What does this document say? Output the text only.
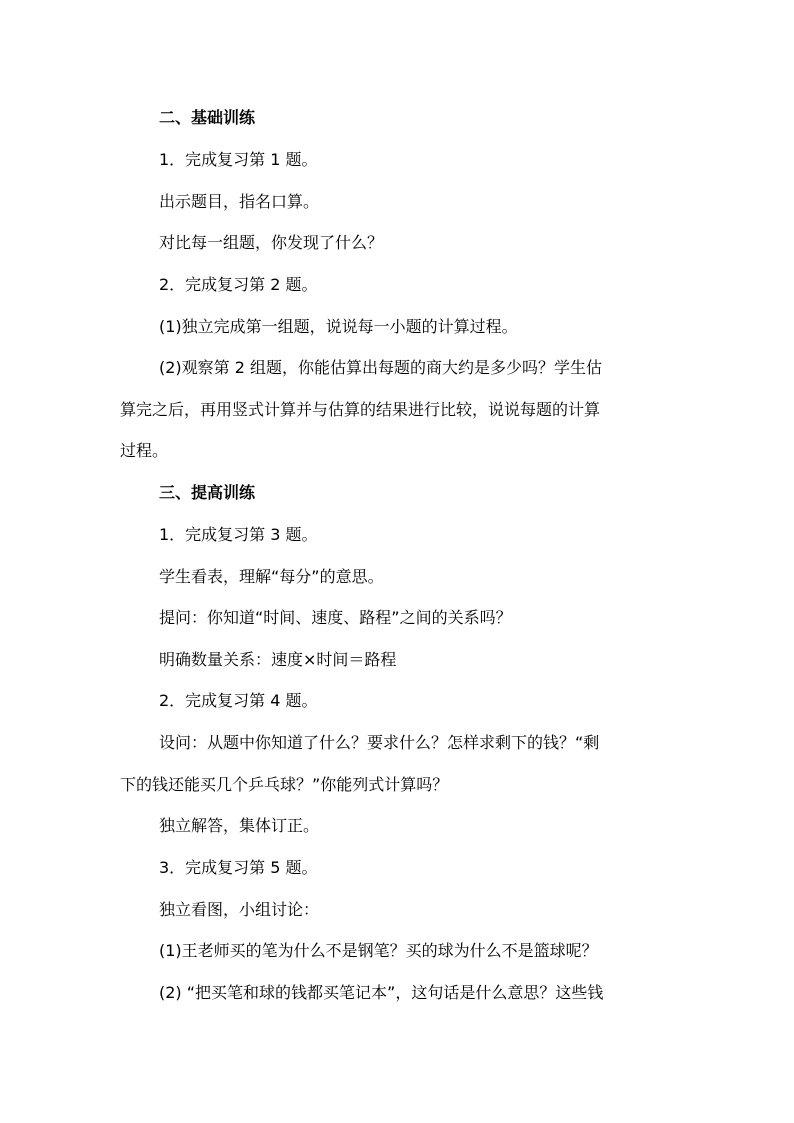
二、基础训练
1．完成复习第 1 题。
出示题目，指名口算。
对比每一组题，你发现了什么？
2．完成复习第 2 题。
(1)独立完成第一组题，说说每一小题的计算过程。
(2)观察第 2 组题，你能估算出每题的商大约是多少吗？学生估
算完之后，再用竖式计算并与估算的结果进行比较，说说每题的计算
过程。
三、提高训练
1．完成复习第 3 题。
学生看表，理解“每分”的意思。
提问：你知道“时间、速度、路程”之间的关系吗？
明确数量关系：速度×时间＝路程
2．完成复习第 4 题。
设问：从题中你知道了什么？要求什么？怎样求剩下的钱？“剩
下的钱还能买几个乒乓球？”你能列式计算吗？
独立解答，集体订正。
3．完成复习第 5 题。
独立看图，小组讨论：
(1)王老师买的笔为什么不是钢笔？买的球为什么不是篮球呢？
(2) “把买笔和球的钱都买笔记本”，这句话是什么意思？这些钱
